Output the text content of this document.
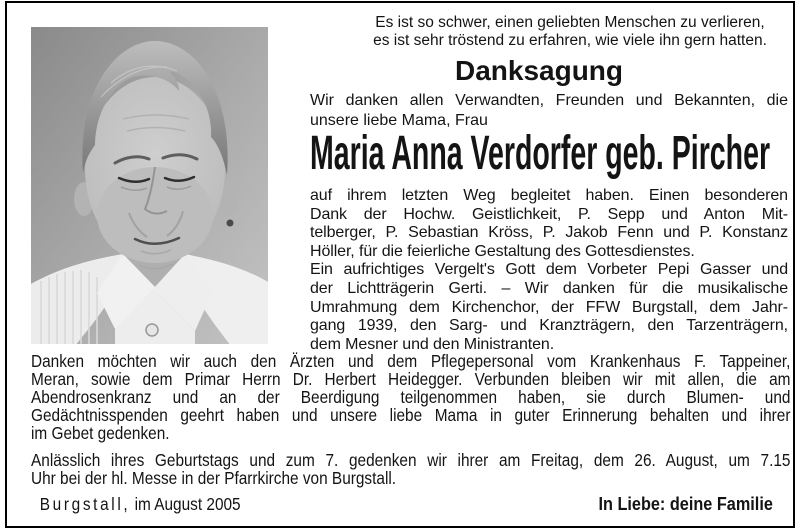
Es ist so schwer, einen geliebten Menschen zu verlieren,
es ist sehr tröstend zu erfahren, wie viele ihn gern hatten.
Danksagung
Wir danken allen Verwandten, Freunden und Bekannten, die
unsere liebe Mama, Frau
Maria Anna Verdorfer geb. Pircher
auf ihrem letzten Weg begleitet haben. Einen besonderen
Dank der Hochw. Geistlichkeit, P. Sepp und Anton Mit-
telberger, P. Sebastian Kröss, P. Jakob Fenn und P. Konstanz
Höller, für die feierliche Gestaltung des Gottesdienstes.
Ein aufrichtiges Vergelt's Gott dem Vorbeter Pepi Gasser und
der Lichtträgerin Gerti. – Wir danken für die musikalische
Umrahmung dem Kirchenchor, der FFW Burgstall, dem Jahr-
gang 1939, den Sarg- und Kranzträgern, den Tarzenträgern,
dem Mesner und den Ministranten.
Danken möchten wir auch den Ärzten und dem Pflegepersonal vom Krankenhaus F. Tappeiner,
Meran, sowie dem Primar Herrn Dr. Herbert Heidegger. Verbunden bleiben wir mit allen, die am
Abendrosenkranz und an der Beerdigung teilgenommen haben, sie durch Blumen- und
Gedächtnisspenden geehrt haben und unsere liebe Mama in guter Erinnerung behalten und ihrer
im Gebet gedenken.
Anlässlich ihres Geburtstags und zum 7. gedenken wir ihrer am Freitag, dem 26. August, um 7.15
Uhr bei der hl. Messe in der Pfarrkirche von Burgstall.
Burgstall, im August 2005	In Liebe: deine Familie
